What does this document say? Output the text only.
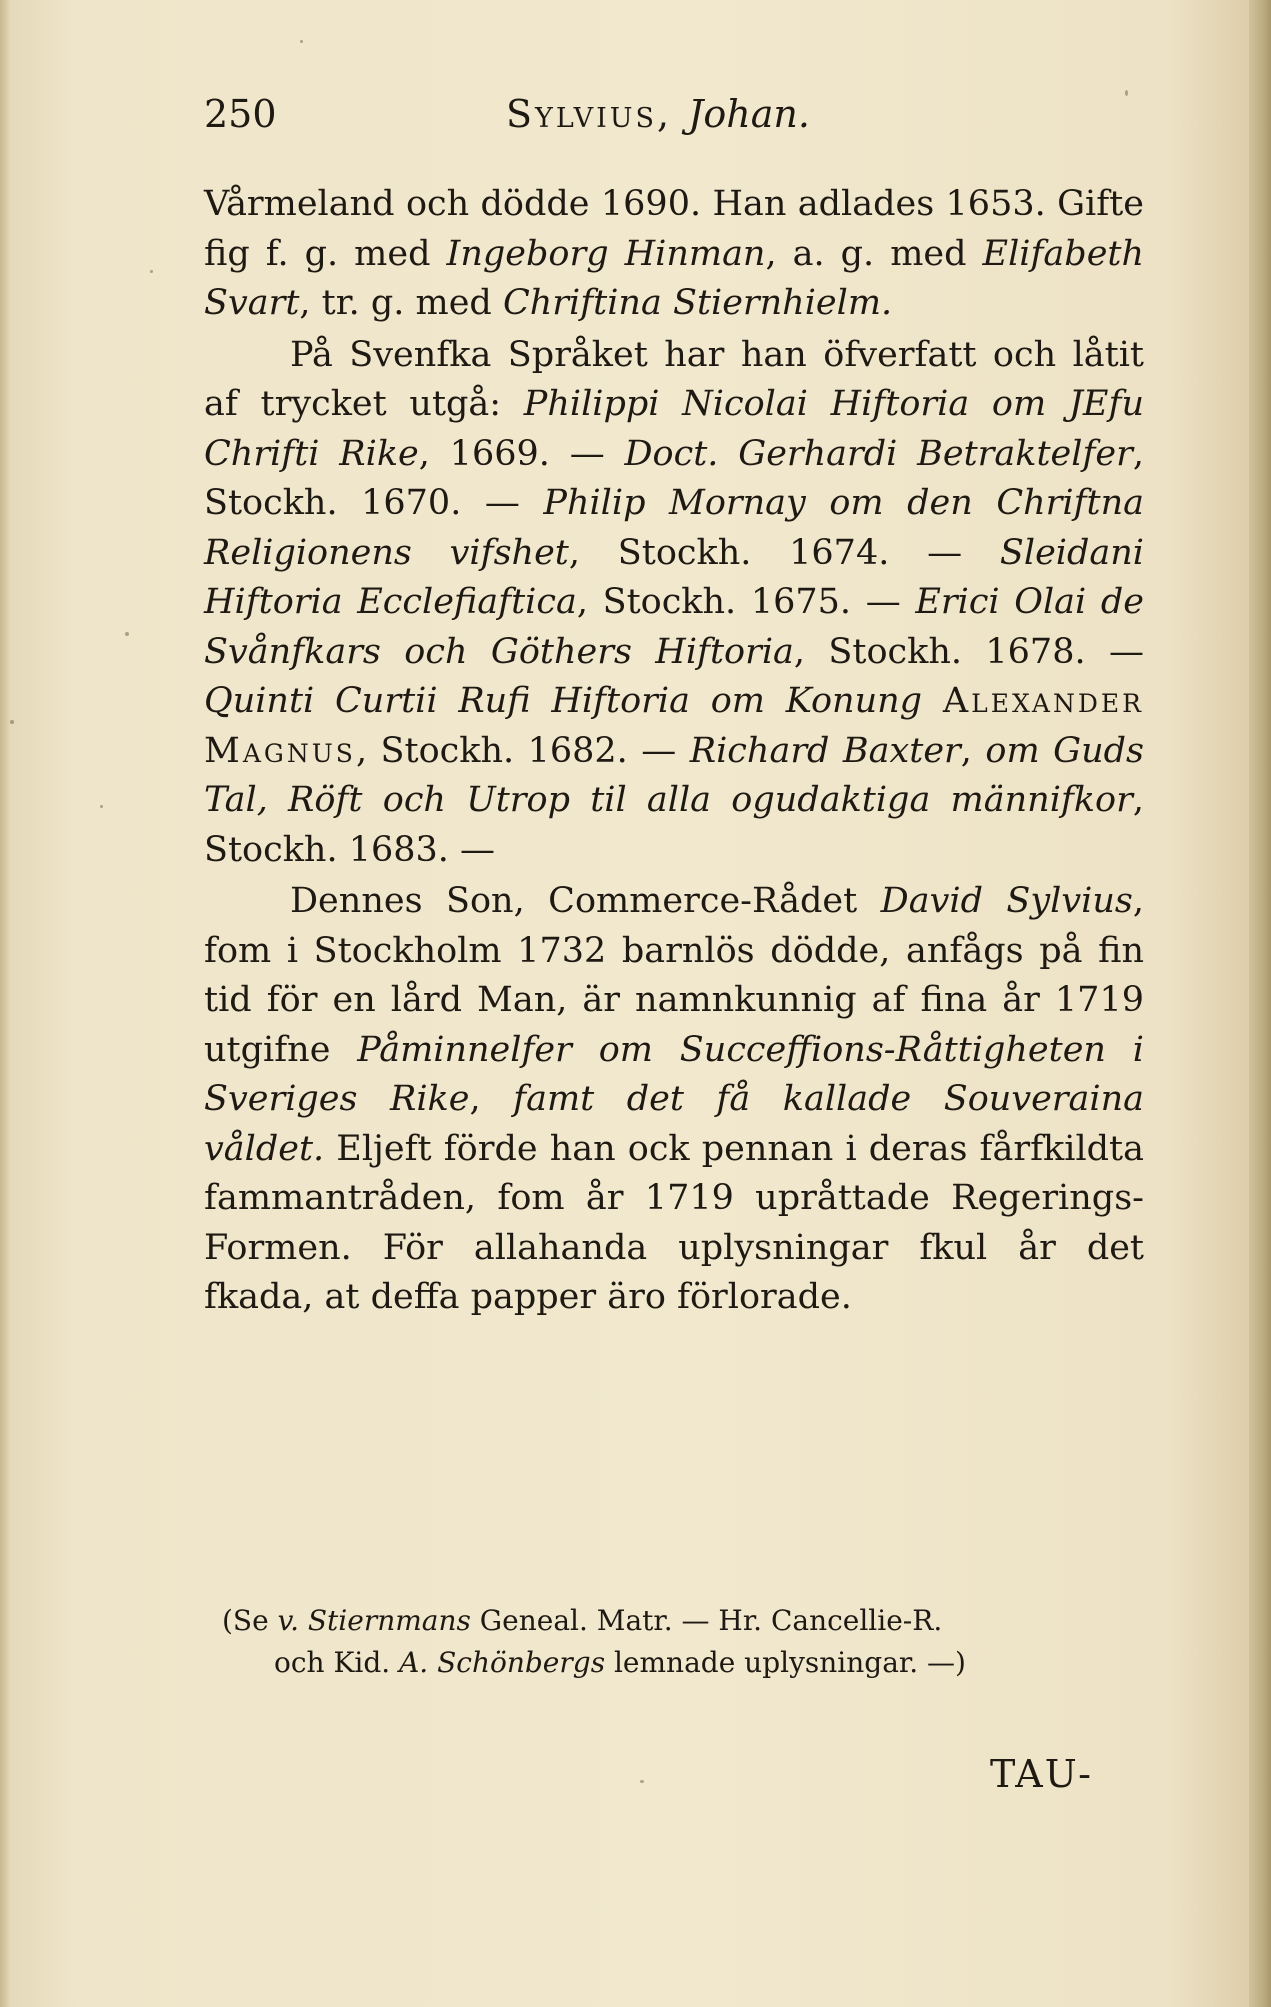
250	Sylvius, Johan.

Vårmeland och dödde 1690. Han adlades 1653. Gifte fig f. g. med Ingeborg Hinman, a. g. med Elifabeth Svart, tr. g. med Chriftina Stiernhielm.

På Svenfka Språket har han öfverfatt och låtit af trycket utgå: Philippi Nicolai Hiftoria om JEfu Chrifti Rike, 1669. — Doct. Gerhardi Betraktelfer, Stockh. 1670. — Philip Mornay om den Chriftna Religionens vifshet, Stockh. 1674. — Sleidani Hiftoria Ecclefiaftica, Stockh. 1675. — Erici Olai de Svånfkars och Göthers Hiftoria, Stockh. 1678. — Quinti Curtii Rufi Hiftoria om Konung Alexander Magnus, Stockh. 1682. — Richard Baxter, om Guds Tal, Röft och Utrop til alla ogudaktiga männifkor, Stockh. 1683. —

Dennes Son, Commerce-Rådet David Sylvius, fom i Stockholm 1732 barnlös dödde, anfågs på fin tid för en lård Man, är namnkunnig af fina år 1719 utgifne Påminnelfer om Succeffions-Råttigheten i Sveriges Rike, famt det få kallade Souveraina våldet. Eljeft förde han ock pennan i deras fårfkildta fammantråden, fom år 1719 upråttade Regerings-Formen. För allahanda uplysningar fkul år det fkada, at deffa papper äro förlorade.

(Se v. Stiernmans Geneal. Matr. — Hr. Cancellie-R.
och Kid. A. Schönbergs lemnade uplysningar. —)
TAU-
